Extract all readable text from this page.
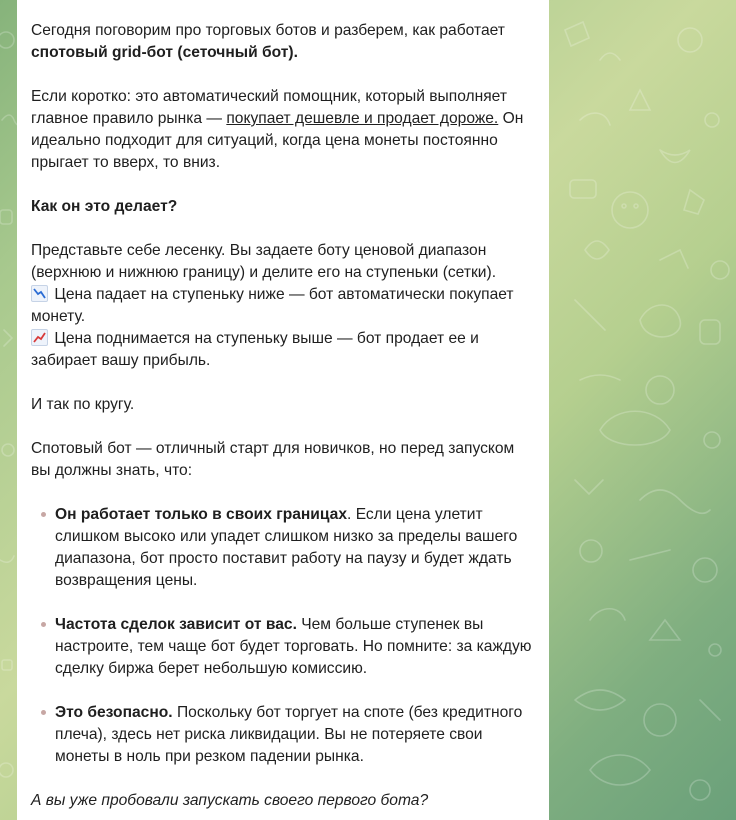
Сегодня поговорим про торговых ботов и разберем, как работает спотовый grid-бот (сеточный бот).

Если коротко: это автоматический помощник, который выполняет главное правило рынка — покупает дешевле и продает дороже. Он идеально подходит для ситуаций, когда цена монеты постоянно прыгает то вверх, то вниз.

Как он это делает?

Представьте себе лесенку. Вы задаете боту ценовой диапазон (верхнюю и нижнюю границу) и делите его на ступеньки (сетки).

Цена падает на ступеньку ниже — бот автоматически покупает монету.

Цена поднимается на ступеньку выше — бот продает ее и забирает вашу прибыль.

И так по кругу.

Спотовый бот — отличный старт для новичков, но перед запуском вы должны знать, что:

Он работает только в своих границах. Если цена улетит слишком высоко или упадет слишком низко за пределы вашего диапазона, бот просто поставит работу на паузу и будет ждать возвращения цены.
Частота сделок зависит от вас. Чем больше ступенек вы настроите, тем чаще бот будет торговать. Но помните: за каждую сделку биржа берет небольшую комиссию.
Это безопасно. Поскольку бот торгует на споте (без кредитного плеча), здесь нет риска ликвидации. Вы не потеряете свои монеты в ноль при резком падении рынка.

А вы уже пробовали запускать своего первого бота?
